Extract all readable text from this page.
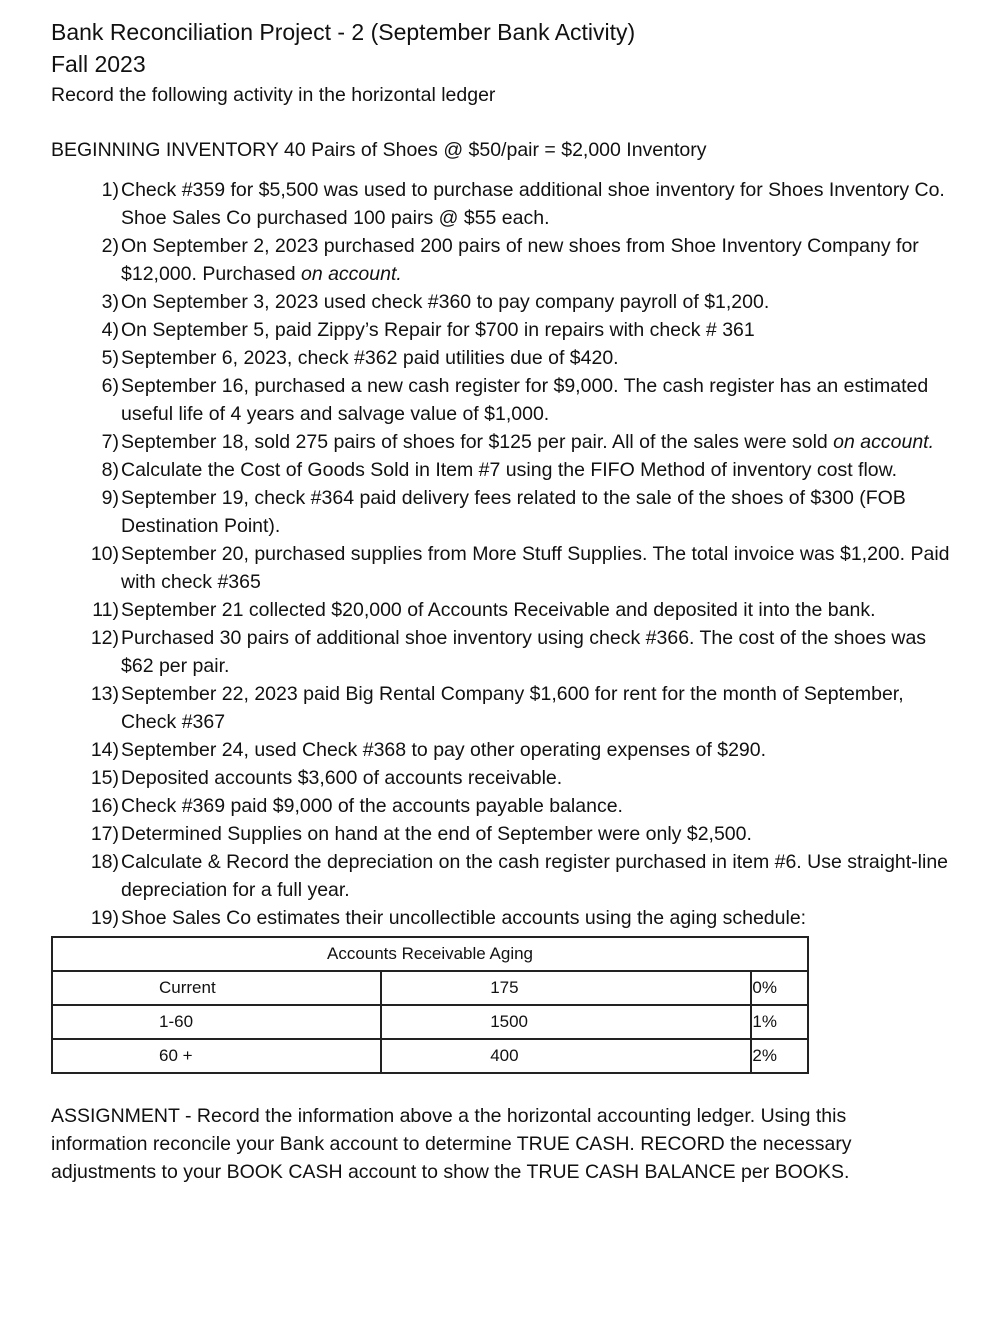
Bank Reconciliation Project - 2 (September Bank Activity)

Fall 2023

Record the following activity in the horizontal ledger

BEGINNING INVENTORY 40 Pairs of Shoes @ $50/pair = $2,000 Inventory
1) Check #359 for $5,500 was used to purchase additional shoe inventory for Shoes Inventory Co. Shoe Sales Co purchased 100 pairs @ $55 each.
2) On September 2, 2023 purchased 200 pairs of new shoes from Shoe Inventory Company for $12,000. Purchased on account.
3) On September 3, 2023 used check #360 to pay company payroll of $1,200.
4) On September 5, paid Zippy’s Repair for $700 in repairs with check # 361
5) September 6, 2023, check #362 paid utilities due of $420.
6) September 16, purchased a new cash register for $9,000. The cash register has an estimated useful life of 4 years and salvage value of $1,000.
7) September 18, sold 275 pairs of shoes for $125 per pair. All of the sales were sold on account.
8) Calculate the Cost of Goods Sold in Item #7 using the FIFO Method of inventory cost flow.
9) September 19, check #364 paid delivery fees related to the sale of the shoes of $300 (FOB Destination Point).
10) September 20, purchased supplies from More Stuff Supplies. The total invoice was $1,200. Paid with check #365
11) September 21 collected $20,000 of Accounts Receivable and deposited it into the bank.
12) Purchased 30 pairs of additional shoe inventory using check #366. The cost of the shoes was $62 per pair.
13) September 22, 2023 paid Big Rental Company $1,600 for rent for the month of September, Check #367
14) September 24, used Check #368 to pay other operating expenses of $290.
15) Deposited accounts $3,600 of accounts receivable.
16) Check #369 paid $9,000 of the accounts payable balance.
17) Determined Supplies on hand at the end of September were only $2,500.
18) Calculate & Record the depreciation on the cash register purchased in item #6. Use straight-line depreciation for a full year.
19) Shoe Sales Co estimates their uncollectible accounts using the aging schedule:
Accounts Receivable Aging		
Current	175	0%
1-60	1500	1%
60 +	400	2%
ASSIGNMENT - Record the information above a the horizontal accounting ledger. Using this information reconcile your Bank account to determine TRUE CASH. RECORD the necessary adjustments to your BOOK CASH account to show the TRUE CASH BALANCE per BOOKS.
